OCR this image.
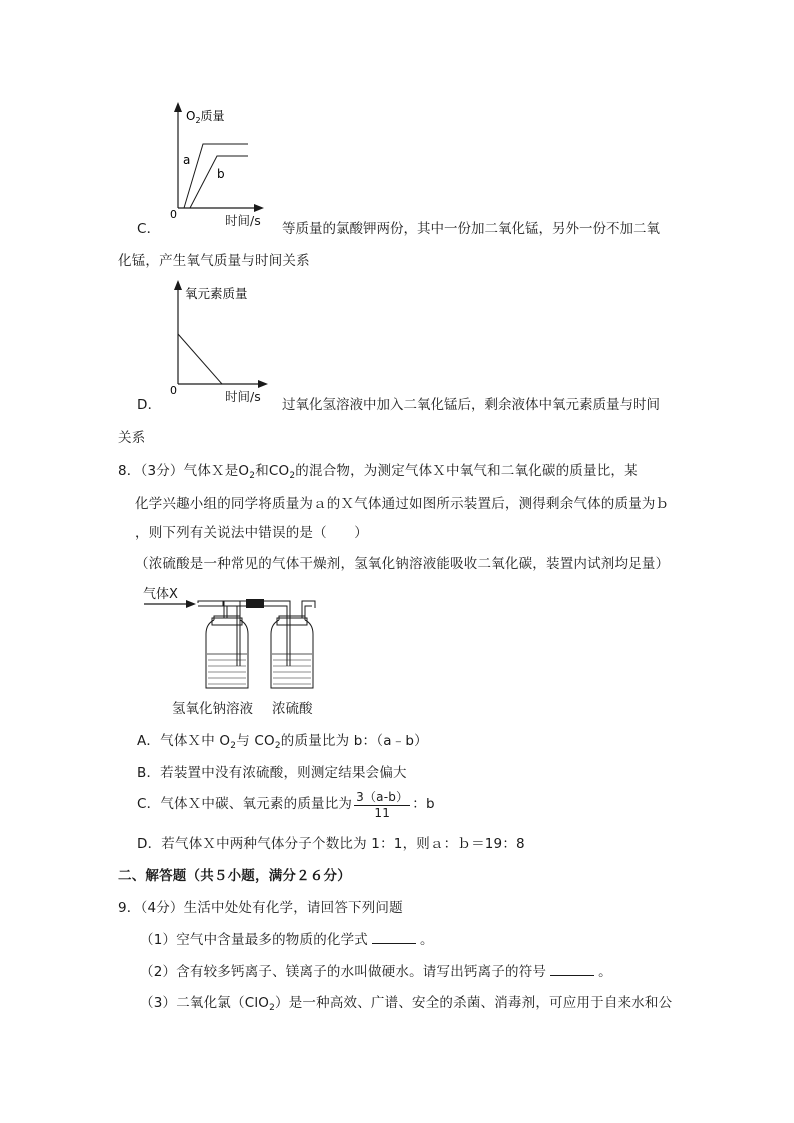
$O_2$质量
a
b
0	时间/s
C．	等质量的氯酸钾两份，其中一份加二氧化锰，另外一份不加二氧
化锰，产生氧气质量与时间关系
氧元素质量
0	时间/s
D．	过氧化氢溶液中加入二氧化锰后，剩余液体中氧元素质量与时间
关系
8．（3分）气体Ｘ是$O_2$和$CO_2$的混合物，为测定气体Ｘ中氧气和二氧化碳的质量比，某
化学兴趣小组的同学将质量为ａ的Ｘ气体通过如图所示装置后，测得剩余气体的质量为ｂ
，则下列有关说法中错误的是（　　）
（浓硫酸是一种常见的气体干燥剂，氢氧化钠溶液能吸收二氧化碳，装置内试剂均足量）
气体X
氢氧化钠溶液 浓硫酸
A．气体Ｘ中 $O_2$与 $CO_2$的质量比为 b：（a﹣b）
B．若装置中没有浓硫酸，则测定结果会偏大
C．气体Ｘ中碳、氧元素的质量比为 $\frac{3(a-b)}{11}$ ：b
D．若气体Ｘ中两种气体分子个数比为 1：1，则ａ：ｂ＝19：8
二、解答题（共５小题，满分２６分）
9．（4分）生活中处处有化学，请回答下列问题
（1）空气中含量最多的物质的化学式	。
（2）含有较多钙离子、镁离子的水叫做硬水。请写出钙离子的符号	。
（3）二氧化氯（ClO$_2$）是一种高效、广谱、安全的杀菌、消毒剂，可应用于自来水和公
